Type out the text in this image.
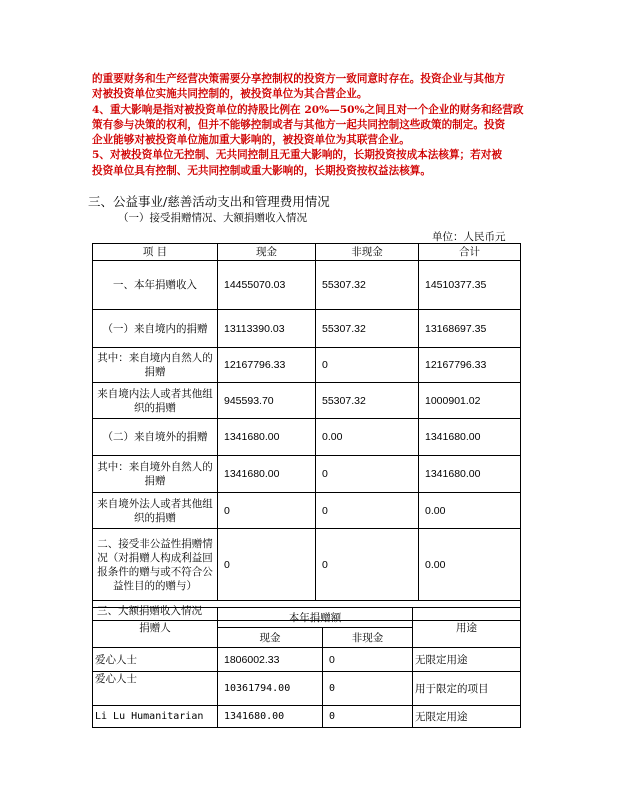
的重要财务和生产经营决策需要分享控制权的投资方一致同意时存在。投资企业与其他方

对被投资单位实施共同控制的，被投资单位为其合营企业。

4、重大影响是指对被投资单位的持股比例在 20%—50%之间且对一个企业的财务和经营政

策有参与决策的权利，但并不能够控制或者与其他方一起共同控制这些政策的制定。投资

企业能够对被投资单位施加重大影响的，被投资单位为其联营企业。

5、对被投资单位无控制、无共同控制且无重大影响的，长期投资按成本法核算；若对被

投资单位具有控制、无共同控制或重大影响的，长期投资按权益法核算。

三、公益事业/慈善活动支出和管理费用情况
（一）接受捐赠情况、大额捐赠收入情况
单位：人民币元
项 目	现金	非现金	合计
一、本年捐赠收入	14455070.03	55307.32	14510377.35
（一）来自境内的捐赠	13113390.03	55307.32	13168697.35
其中：来自境内自然人的捐赠	12167796.33	0	12167796.33
来自境内法人或者其他组织的捐赠	945593.70	55307.32	1000901.02
（二）来自境外的捐赠	1341680.00	0.00	1341680.00
其中：来自境外自然人的捐赠	1341680.00	0	1341680.00
来自境外法人或者其他组织的捐赠	0	0	0.00
二、接受非公益性捐赠情况（对捐赠人构成利益回报条件的赠与或不符合公益性目的的赠与）	0	0	0.00
三、大额捐赠收入情况			
捐赠人	本年捐赠额		用途
	现金	非现金	
爱心人士	1806002.33	0	无限定用途
爱心人士	10361794.00	0	用于限定的项目
Li Lu Humanitarian	1341680.00	0	无限定用途
